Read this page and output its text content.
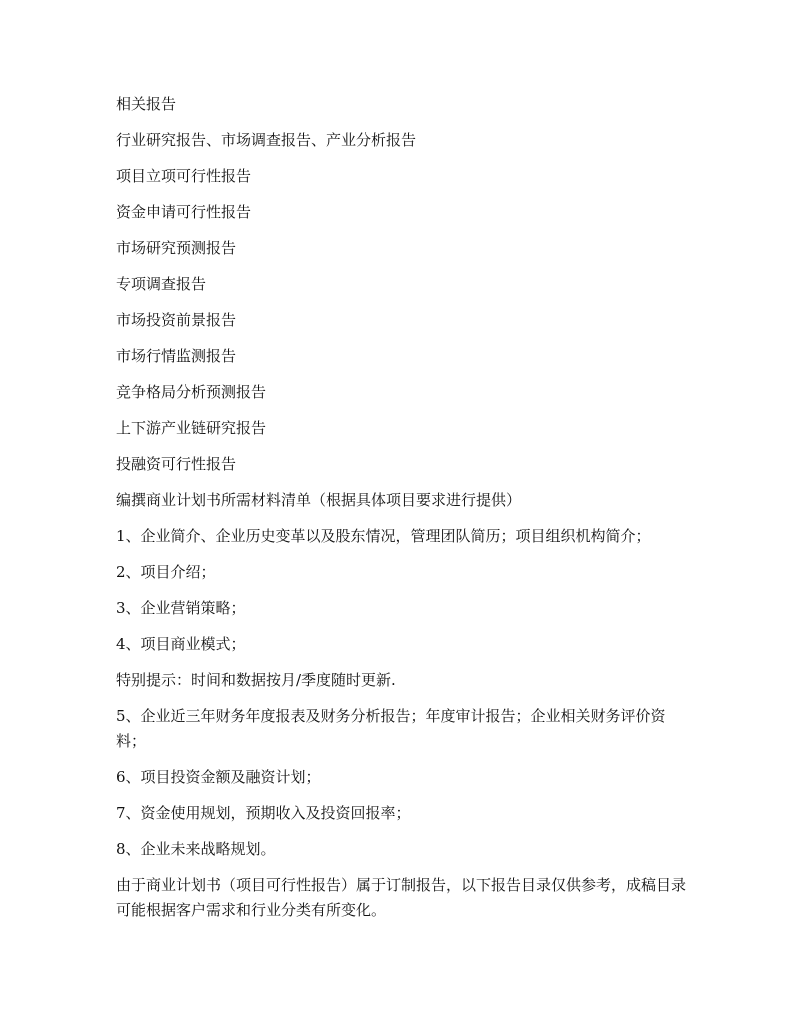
相关报告

行业研究报告、市场调查报告、产业分析报告

项目立项可行性报告

资金申请可行性报告

市场研究预测报告

专项调查报告

市场投资前景报告

市场行情监测报告

竞争格局分析预测报告

上下游产业链研究报告

投融资可行性报告

编撰商业计划书所需材料清单（根据具体项目要求进行提供）

1、企业简介、企业历史变革以及股东情况，管理团队简历；项目组织机构简介；

2、项目介绍；

3、企业营销策略；

4、项目商业模式；

特别提示：时间和数据按月/季度随时更新.

5、企业近三年财务年度报表及财务分析报告；年度审计报告；企业相关财务评价资料；

6、项目投资金额及融资计划；

7、资金使用规划，预期收入及投资回报率；

8、企业未来战略规划。

由于商业计划书（项目可行性报告）属于订制报告，以下报告目录仅供参考，成稿目录可能根据客户需求和行业分类有所变化。
